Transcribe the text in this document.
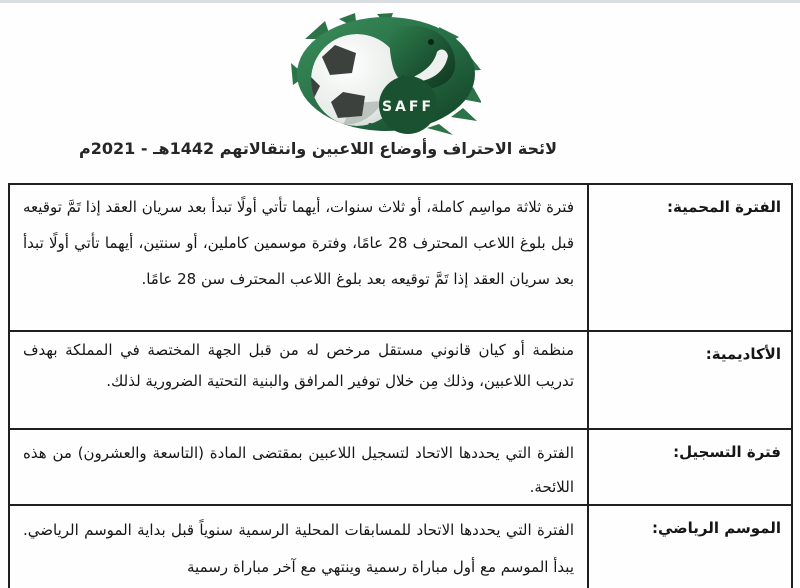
SAFF
لائحة الاحتراف وأوضاع اللاعبين وانتقالاتهم 1442هـ - 2021م
الفترة المحمية:
فترة ثلاثة مواسِم كاملة، أو ثلاث سنوات، أيهما تأتي أولًا تبدأ بعد سريان العقد إذا تَمَّ توقيعه قبل بلوغ اللاعب المحترف 28 عامًا، وفترة موسمين كاملين، أو سنتين، أيهما تأتي أولًا تبدأ بعد سريان العقد إذا تَمَّ توقيعه بعد بلوغ اللاعب المحترف سن 28 عامًا.
الأكاديمية:
منظمة أو كيان قانوني مستقل مرخص له من قبل الجهة المختصة في المملكة بهدف تدريب اللاعبين، وذلك مِن خلال توفير المرافق والبنية التحتية الضرورية لذلك.
فترة التسجيل:
الفترة التي يحددها الاتحاد لتسجيل اللاعبين بمقتضى المادة (التاسعة والعشرون) من هذه اللائحة.
الموسم الرياضي:
الفترة التي يحددها الاتحاد للمسابقات المحلية الرسمية سنوياً قبل بداية الموسم الرياضي. يبدأ الموسم مع أول مباراة رسمية وينتهي مع آخر مباراة رسمية
